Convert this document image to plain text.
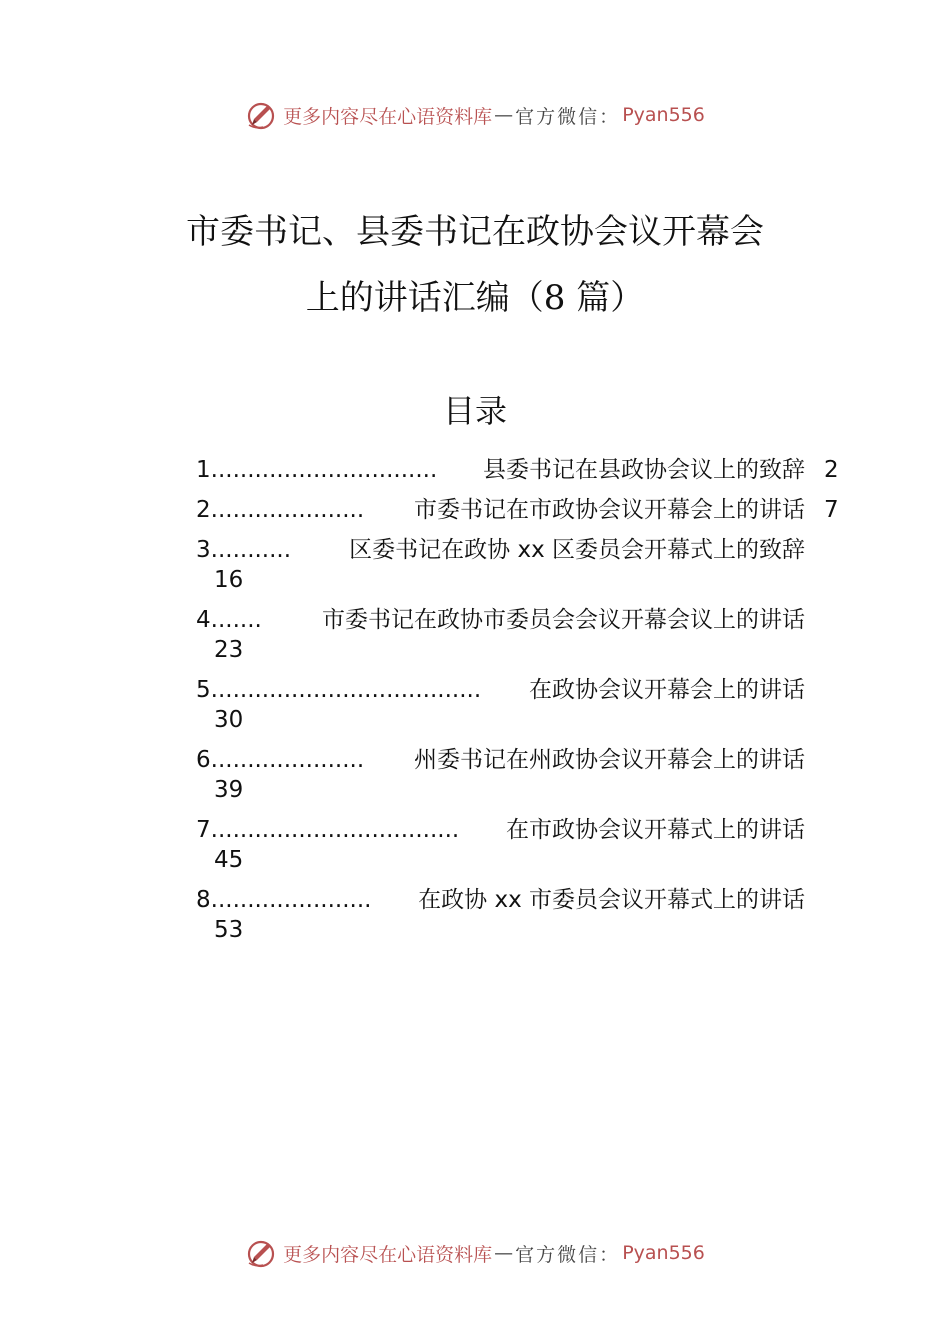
更多内容尽在心语资料库 — 官方微信： Pyan556
市委书记、县委书记在政协会议开幕会
上的讲话汇编（8 篇）
目录
1............................... 县委书记在县政协会议上的致辞 2
2..................... 市委书记在市政协会议开幕会上的讲话 7
3...........	区委书记在政协 xx 区委员会开幕式上的致辞
16
4.......	市委书记在政协市委员会会议开幕会议上的讲话
23
5..................................... 在政协会议开幕会上的讲话
30
6..................... 州委书记在州政协会议开幕会上的讲话
39
7.................................. 在市政协会议开幕式上的讲话
45
8...................... 在政协 xx 市委员会议开幕式上的讲话
53
更多内容尽在心语资料库 — 官方微信： Pyan556
